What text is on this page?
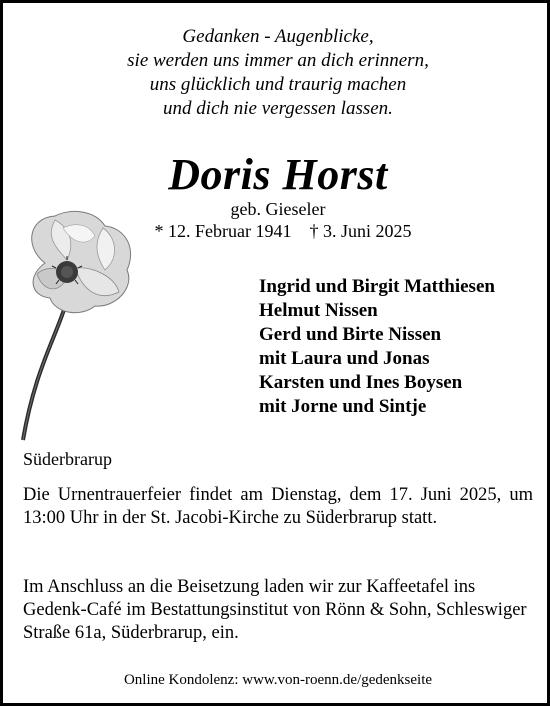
Gedanken - Augenblicke,
sie werden uns immer an dich erinnern,
uns glücklich und traurig machen
und dich nie vergessen lassen.
Doris Horst
geb. Gieseler
* 12. Februar 1941 † 3. Juni 2025
Ingrid und Birgit Matthiesen
Helmut Nissen
Gerd und Birte Nissen
mit Laura und Jonas
Karsten und Ines Boysen
mit Jorne und Sintje
Süderbrarup
Die Urnentrauerfeier findet am Dienstag, dem 17. Juni 2025, um 13:00 Uhr in der St. Jacobi-Kirche zu Süderbrarup statt.
Im Anschluss an die Beisetzung laden wir zur Kaffeetafel ins Gedenk-Café im Bestattungsinstitut von Rönn & Sohn, Schleswiger Straße 61a, Süderbrarup, ein.
Online Kondolenz: www.von-roenn.de/gedenkseite
